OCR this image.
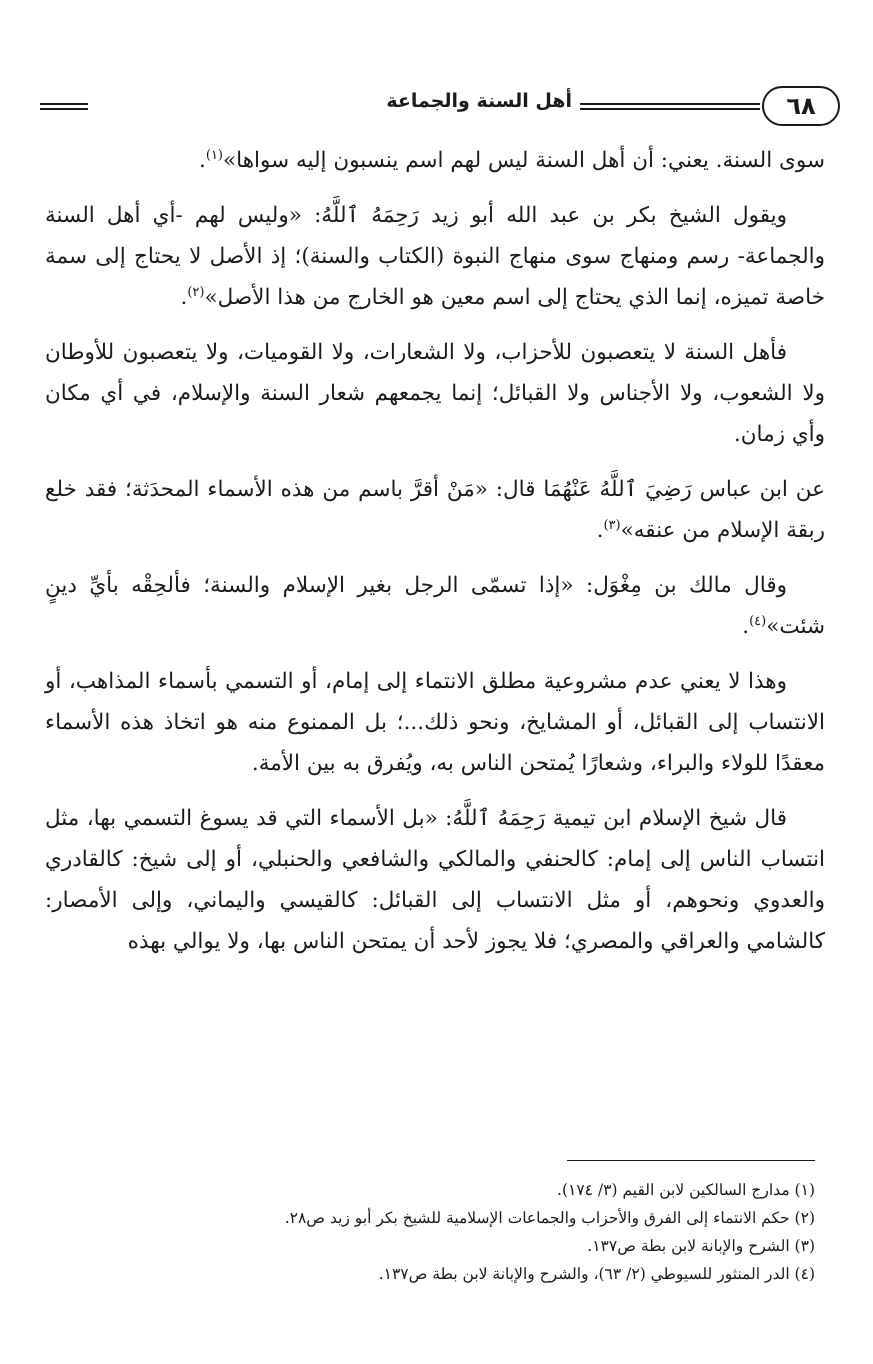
٦٨
أهل السنة والجماعة

سوى السنة. يعني: أن أهل السنة ليس لهم اسم ينسبون إليه سواها»$^{(١)}$.

ويقول الشيخ بكر بن عبد الله أبو زيد رَحِمَهُ ٱللَّهُ: «وليس لهم -أي أهل السنة والجماعة- رسم ومنهاج سوى منهاج النبوة (الكتاب والسنة)؛ إذ الأصل لا يحتاج إلى سمة خاصة تميزه، إنما الذي يحتاج إلى اسم معين هو الخارج من هذا الأصل»$^{(٢)}$.

فأهل السنة لا يتعصبون للأحزاب، ولا الشعارات، ولا القوميات، ولا يتعصبون للأوطان ولا الشعوب، ولا الأجناس ولا القبائل؛ إنما يجمعهم شعار السنة والإسلام، في أي مكان وأي زمان.

عن ابن عباس رَضِيَ ٱللَّهُ عَنْهُمَا قال: «مَنْ أقرَّ باسم من هذه الأسماء المحدَثة؛ فقد خلع ربقة الإسلام من عنقه»$^{(٣)}$.

وقال مالك بن مِغْوَل: «إذا تسمّى الرجل بغير الإسلام والسنة؛ فألحِقْه بأيِّ دينٍ شئت»$^{(٤)}$.

وهذا لا يعني عدم مشروعية مطلق الانتماء إلى إمام، أو التسمي بأسماء المذاهب، أو الانتساب إلى القبائل، أو المشايخ، ونحو ذلك...؛ بل الممنوع منه هو اتخاذ هذه الأسماء معقدًا للولاء والبراء، وشعارًا يُمتحن الناس به، ويُفرق به بين الأمة.

قال شيخ الإسلام ابن تيمية رَحِمَهُ ٱللَّهُ: «بل الأسماء التي قد يسوغ التسمي بها، مثل انتساب الناس إلى إمام: كالحنفي والمالكي والشافعي والحنبلي، أو إلى شيخ: كالقادري والعدوي ونحوهم، أو مثل الانتساب إلى القبائل: كالقيسي واليماني، وإلى الأمصار: كالشامي والعراقي والمصري؛ فلا يجوز لأحد أن يمتحن الناس بها، ولا يوالي بهذه

(١) مدارج السالكين لابن القيم (٣/ ١٧٤).

(٢) حكم الانتماء إلى الفرق والأحزاب والجماعات الإسلامية للشيخ بكر أبو زيد ص٢٨.

(٣) الشرح والإبانة لابن بطة ص١٣٧.

(٤) الدر المنثور للسيوطي (٢/ ٦٣)، والشرح والإبانة لابن بطة ص١٣٧.
